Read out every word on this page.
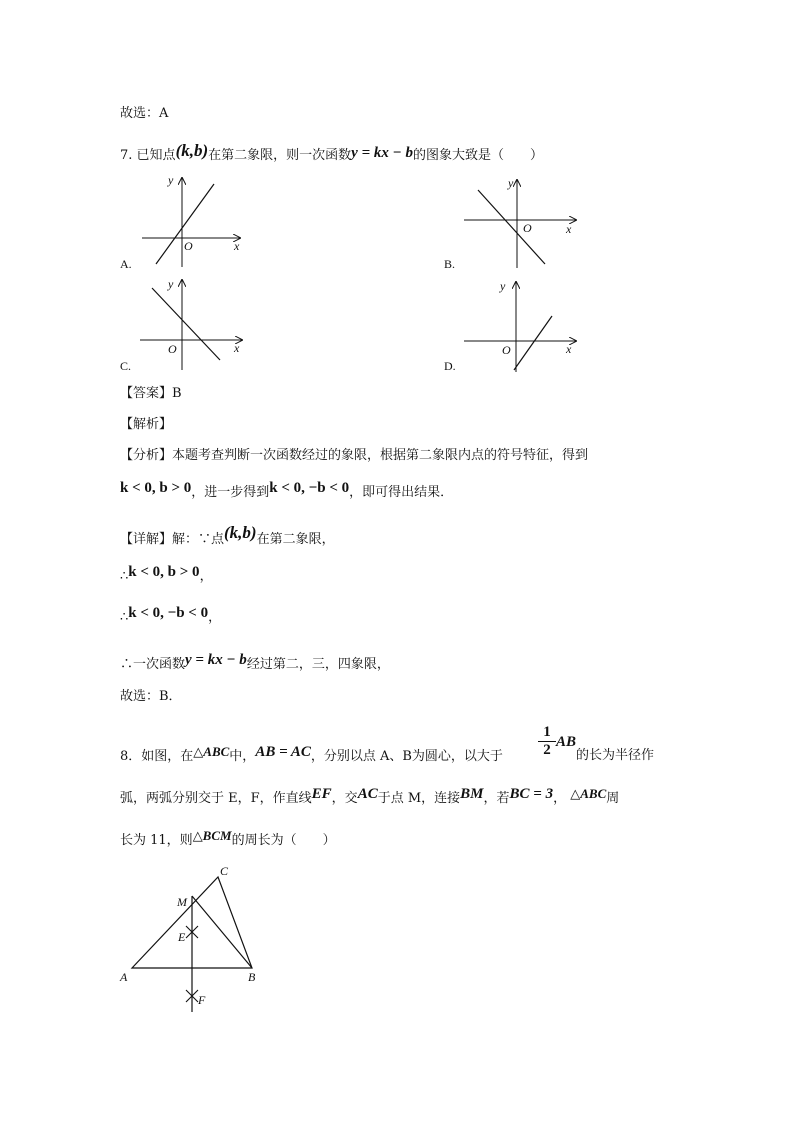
故选：A
7. 已知点(k,b)在第二象限，则一次函数y = kx − b的图象大致是（　　）
y
O	x
A.
y
O	x
B.
y
O	x
C.
y
O	x
D.
【答案】B
【解析】
【分析】本题考查判断一次函数经过的象限，根据第二象限内点的符号特征，得到
k < 0, b > 0，进一步得到k < 0, −b < 0，即可得出结果．
【详解】解：∵点(k,b)在第二象限，
∴k < 0, b > 0，
∴k < 0, −b < 0，
∴一次函数y = kx − b经过第二，三，四象限，
故选：B．
8．如图，在△ABC中，AB = AC，分别以点 A、B为圆心，以大于 $\frac{1}{2}$ AB
的长为半径作
弧，两弧分别交于 E，F，作直线EF，交AC于点 M，连接BM，若BC = 3， △ABC周
长为 11，则△BCM的周长为（　　）
C
M
E
A	B
F
